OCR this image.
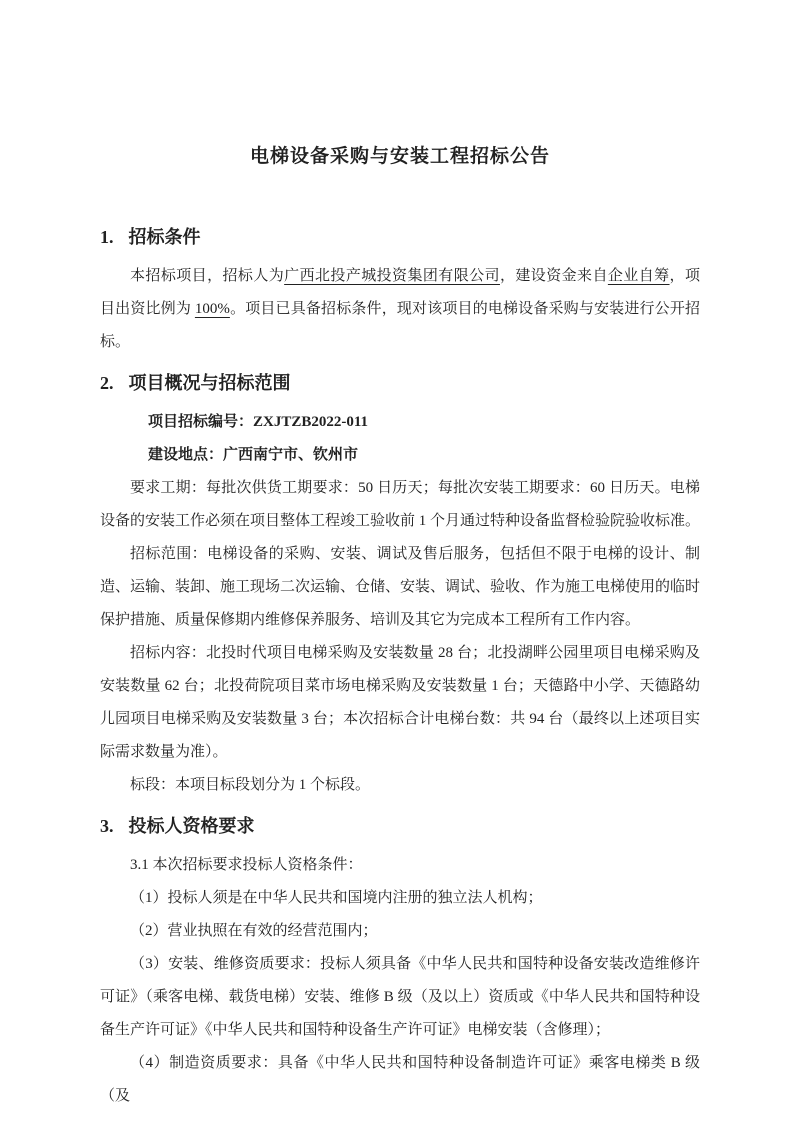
电梯设备采购与安装工程招标公告
1. 招标条件

本招标项目，招标人为广西北投产城投资集团有限公司，建设资金来自企业自筹，项目出资比例为 100%。项目已具备招标条件，现对该项目的电梯设备采购与安装进行公开招标。

2. 项目概况与招标范围

项目招标编号：ZXJTZB2022-011

建设地点：广西南宁市、钦州市

要求工期：每批次供货工期要求：50 日历天；每批次安装工期要求：60 日历天。电梯设备的安装工作必须在项目整体工程竣工验收前 1 个月通过特种设备监督检验院验收标准。

招标范围：电梯设备的采购、安装、调试及售后服务，包括但不限于电梯的设计、制造、运输、装卸、施工现场二次运输、仓储、安装、调试、验收、作为施工电梯使用的临时保护措施、质量保修期内维修保养服务、培训及其它为完成本工程所有工作内容。

招标内容：北投时代项目电梯采购及安装数量 28 台；北投湖畔公园里项目电梯采购及安装数量 62 台；北投荷院项目菜市场电梯采购及安装数量 1 台；天德路中小学、天德路幼儿园项目电梯采购及安装数量 3 台；本次招标合计电梯台数：共 94 台（最终以上述项目实际需求数量为准）。

标段：本项目标段划分为 1 个标段。

3. 投标人资格要求

3.1 本次招标要求投标人资格条件：

（1）投标人须是在中华人民共和国境内注册的独立法人机构；

（2）营业执照在有效的经营范围内；

（3）安装、维修资质要求：投标人须具备《中华人民共和国特种设备安装改造维修许可证》（乘客电梯、载货电梯）安装、维修 B 级（及以上）资质或《中华人民共和国特种设备生产许可证》《中华人民共和国特种设备生产许可证》电梯安装（含修理）；

（4）制造资质要求：具备《中华人民共和国特种设备制造许可证》乘客电梯类 B 级（及
